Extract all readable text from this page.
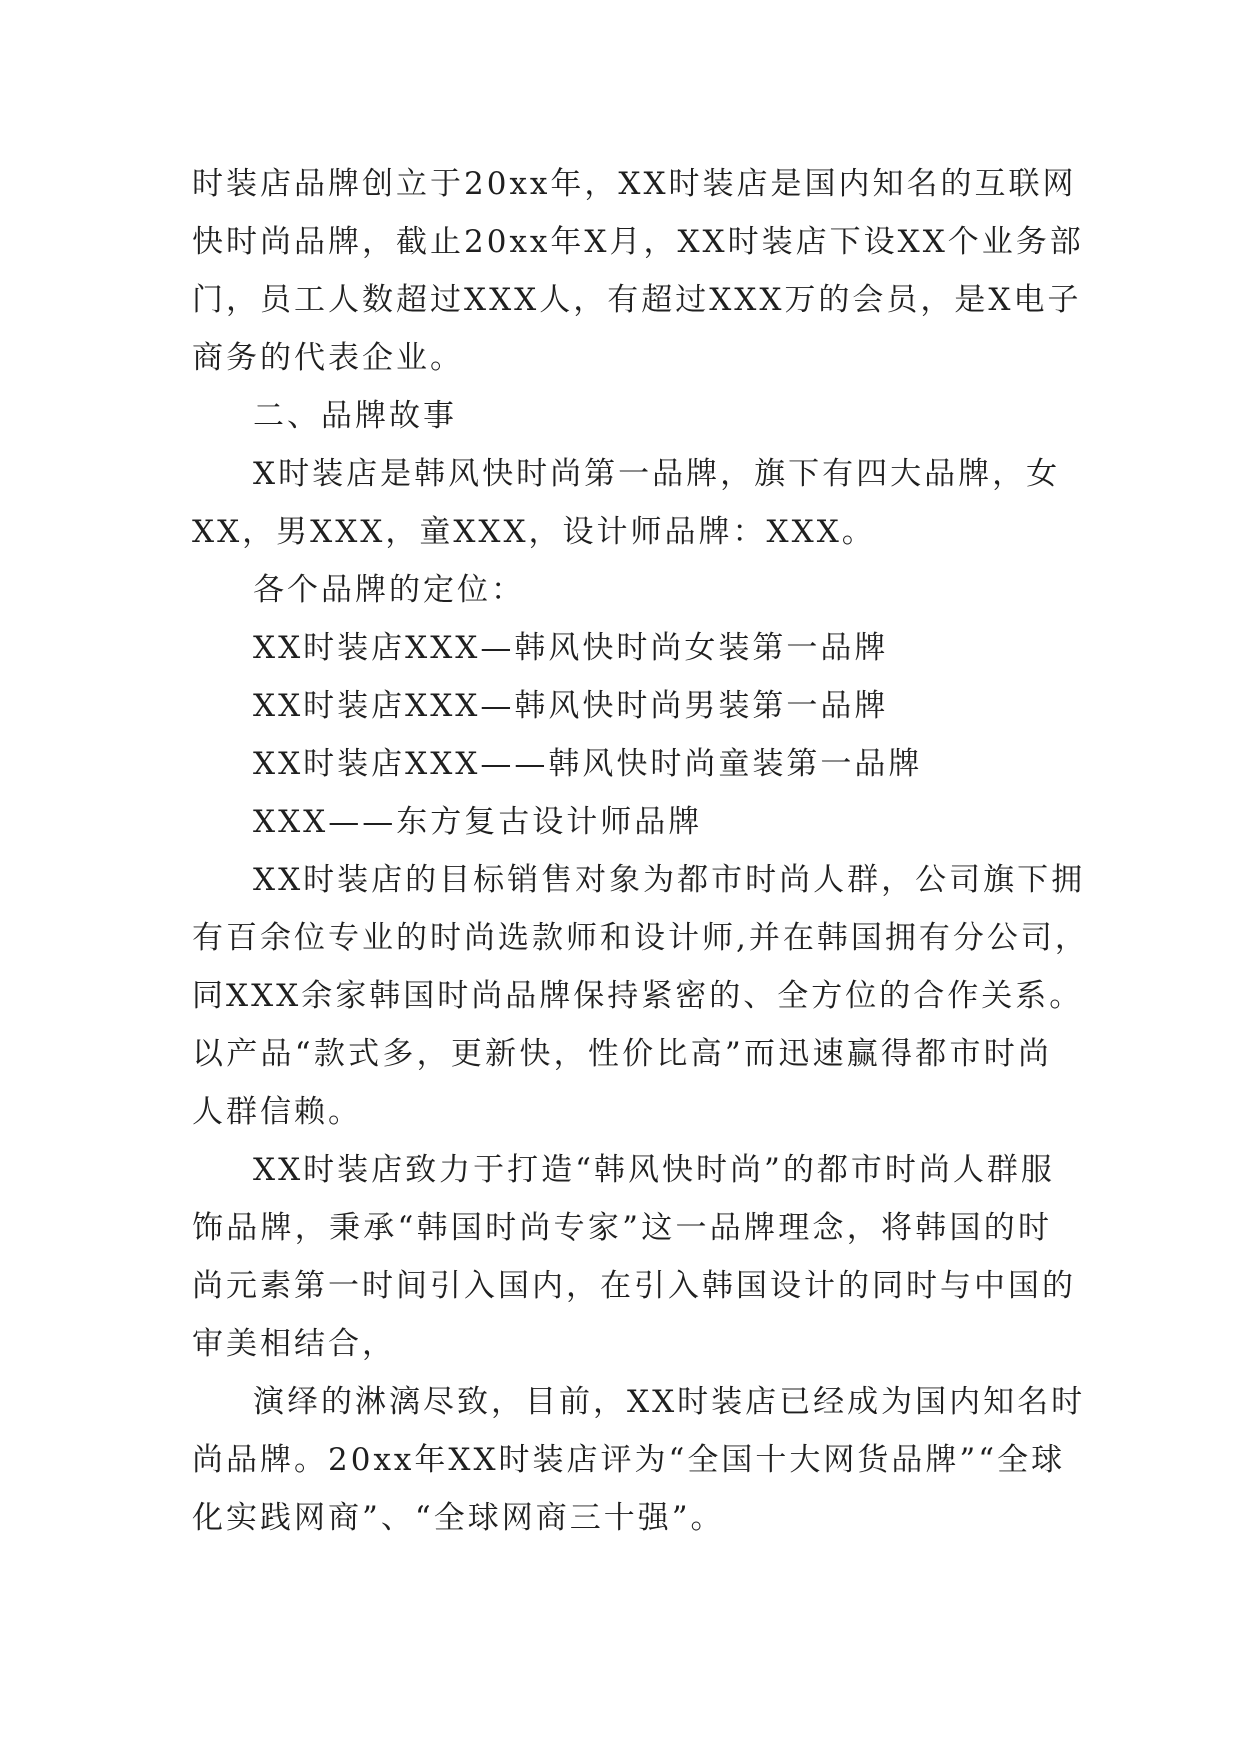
时装店品牌创立于20xx年，XX时装店是国内知名的互联网
快时尚品牌，截止20xx年X月，XX时装店下设XX个业务部
门，员工人数超过XXX人，有超过XXX万的会员，是X电子
商务的代表企业。
二、品牌故事
X时装店是韩风快时尚第一品牌，旗下有四大品牌，女
XX，男XXX，童XXX，设计师品牌：XXX。
各个品牌的定位：
XX时装店XXX—韩风快时尚女装第一品牌
XX时装店XXX—韩风快时尚男装第一品牌
XX时装店XXX——韩风快时尚童装第一品牌
XXX——东方复古设计师品牌
XX时装店的目标销售对象为都市时尚人群，公司旗下拥
有百余位专业的时尚选款师和设计师,并在韩国拥有分公司，
同XXX余家韩国时尚品牌保持紧密的、全方位的合作关系。
以产品“款式多，更新快，性价比高”而迅速赢得都市时尚
人群信赖。
XX时装店致力于打造“韩风快时尚”的都市时尚人群服
饰品牌，秉承“韩国时尚专家”这一品牌理念，将韩国的时
尚元素第一时间引入国内，在引入韩国设计的同时与中国的
审美相结合，
演绎的淋漓尽致，目前，XX时装店已经成为国内知名时
尚品牌。20xx年XX时装店评为“全国十大网货品牌”“全球
化实践网商”、“全球网商三十强”。
